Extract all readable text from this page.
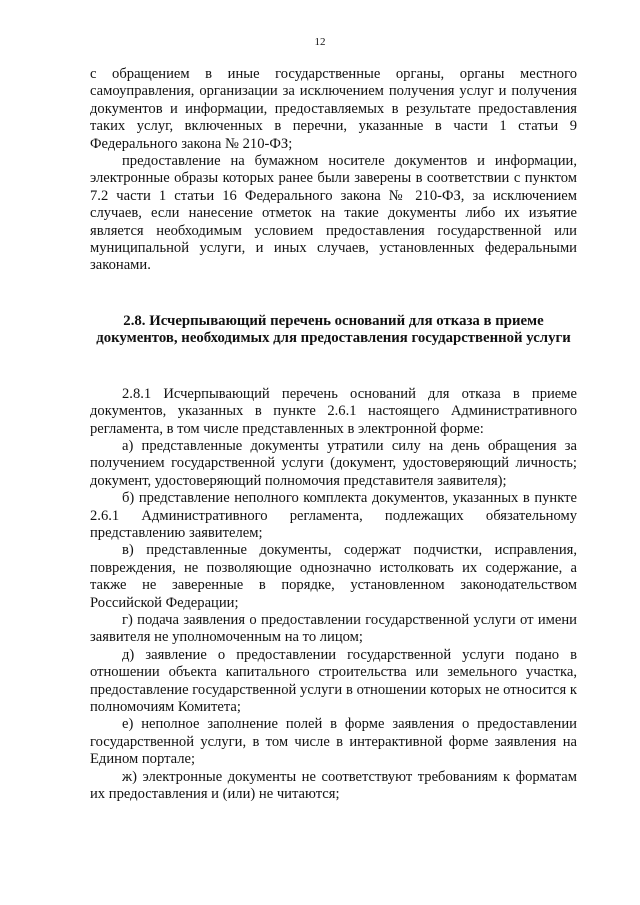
12

с обращением в иные государственные органы, органы местного самоуправления, организации за исключением получения услуг и получения документов и информации, предоставляемых в результате предоставления таких услуг, включенных в перечни, указанные в части 1 статьи 9 Федерального закона № 210-ФЗ;

предоставление на бумажном носителе документов и информации, электронные образы которых ранее были заверены в соответствии с пунктом 7.2 части 1 статьи 16 Федерального закона № 210-ФЗ, за исключением случаев, если нанесение отметок на такие документы либо их изъятие является необходимым условием предоставления государственной или муниципальной услуги, и иных случаев, установленных федеральными законами.

2.8. Исчерпывающий перечень оснований для отказа в приеме документов, необходимых для предоставления государственной услуги

2.8.1 Исчерпывающий перечень оснований для отказа в приеме документов, указанных в пункте 2.6.1 настоящего Административного регламента, в том числе представленных в электронной форме:

а) представленные документы утратили силу на день обращения за получением государственной услуги (документ, удостоверяющий личность; документ, удостоверяющий полномочия представителя заявителя);

б) представление неполного комплекта документов, указанных в пункте 2.6.1 Административного регламента, подлежащих обязательному представлению заявителем;

в) представленные документы, содержат подчистки, исправления, повреждения, не позволяющие однозначно истолковать их содержание, а также не заверенные в порядке, установленном законодательством Российской Федерации;

г) подача заявления о предоставлении государственной услуги от имени заявителя не уполномоченным на то лицом;

д) заявление о предоставлении государственной услуги подано в отношении объекта капитального строительства или земельного участка, предоставление государственной услуги в отношении которых не относится к полномочиям Комитета;

е) неполное заполнение полей в форме заявления о предоставлении государственной услуги, в том числе в интерактивной форме заявления на Едином портале;

ж) электронные документы не соответствуют требованиям к форматам их предоставления и (или) не читаются;
